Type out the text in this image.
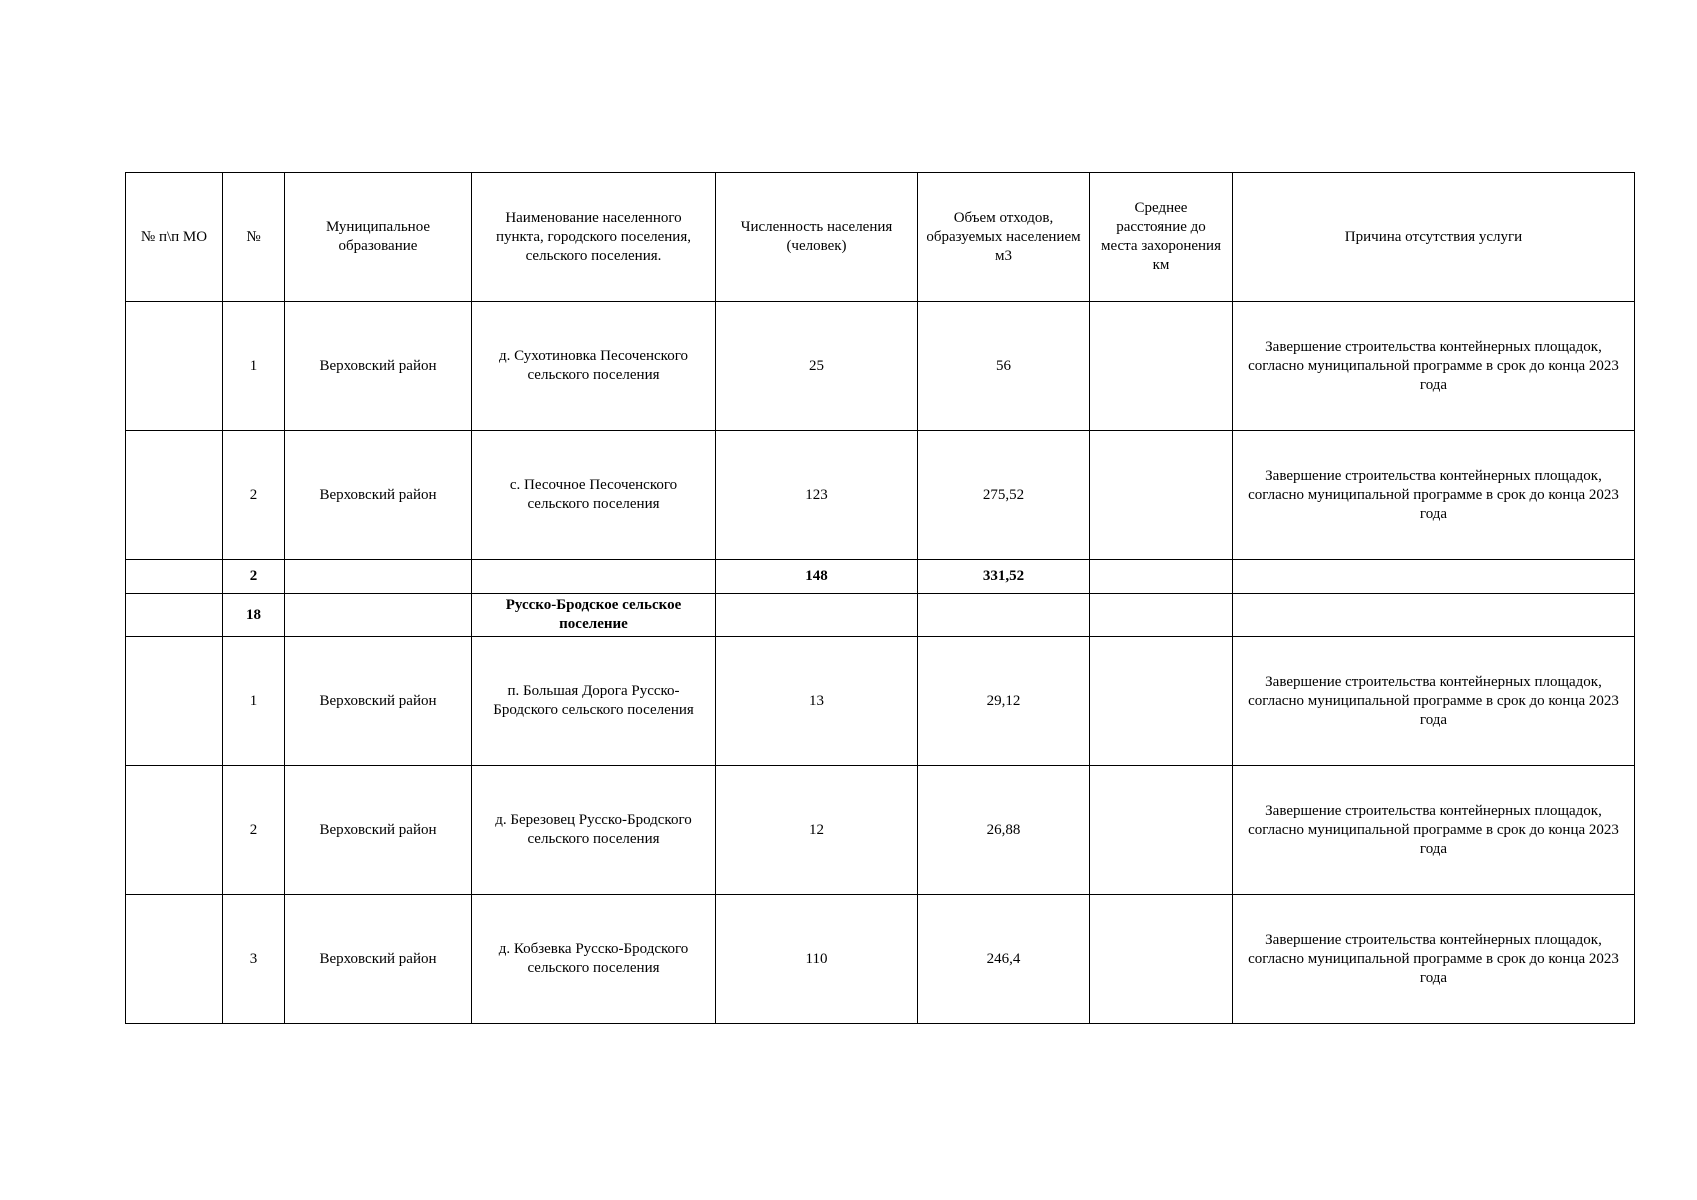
№ п\п МО	№	Муниципальное образование	Наименование населенного пункта, городского поселения, сельского поселения.	Численность населения (человек)	Объем отходов, образуемых населением м3	Среднее расстояние до места захоронения км	Причина отсутствия услуги
	1	Верховский район	д. Сухотиновка Песоченского сельского поселения	25	56		Завершение строительства контейнерных площадок, согласно муниципальной программе в срок до конца 2023 года
	2	Верховский район	с. Песочное Песоченского сельского поселения	123	275,52		Завершение строительства контейнерных площадок, согласно муниципальной программе в срок до конца 2023 года
	2			148	331,52		
	18		Русско-Бродское сельское поселение				
	1	Верховский район	п. Большая Дорога Русско-Бродского сельского поселения	13	29,12		Завершение строительства контейнерных площадок, согласно муниципальной программе в срок до конца 2023 года
	2	Верховский район	д. Березовец Русско-Бродского сельского поселения	12	26,88		Завершение строительства контейнерных площадок, согласно муниципальной программе в срок до конца 2023 года
	3	Верховский район	д. Кобзевка Русско-Бродского сельского поселения	110	246,4		Завершение строительства контейнерных площадок, согласно муниципальной программе в срок до конца 2023 года
